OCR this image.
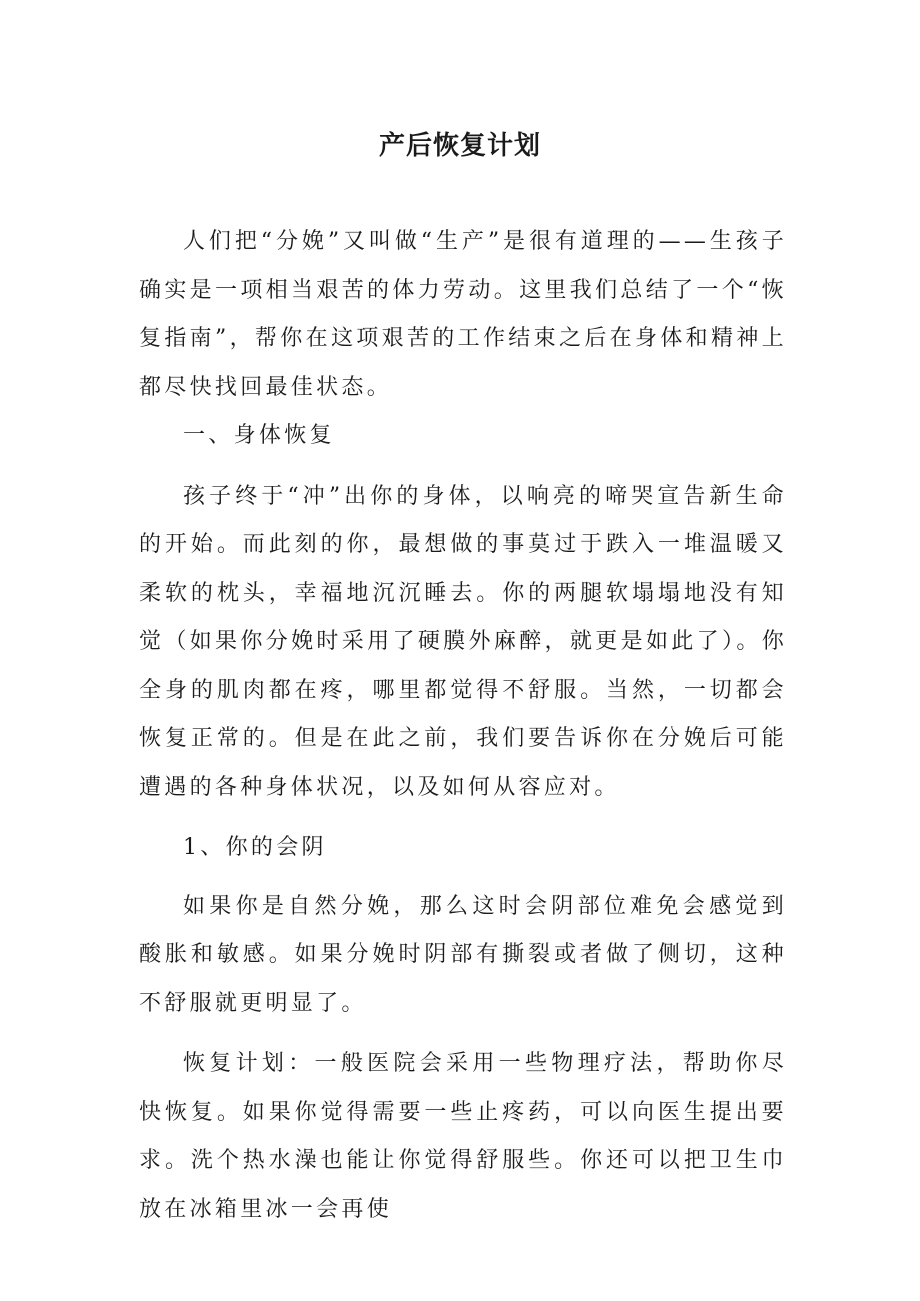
产后恢复计划

人们把“分娩”又叫做“生产”是很有道理的——生孩子确实是一项相当艰苦的体力劳动。这里我们总结了一个“恢复指南”，帮你在这项艰苦的工作结束之后在身体和精神上都尽快找回最佳状态。

一、身体恢复

孩子终于“冲”出你的身体，以响亮的啼哭宣告新生命的开始。而此刻的你，最想做的事莫过于跌入一堆温暖又柔软的枕头，幸福地沉沉睡去。你的两腿软塌塌地没有知觉（如果你分娩时采用了硬膜外麻醉，就更是如此了）。你全身的肌肉都在疼，哪里都觉得不舒服。当然，一切都会恢复正常的。但是在此之前，我们要告诉你在分娩后可能遭遇的各种身体状况，以及如何从容应对。

1、你的会阴

如果你是自然分娩，那么这时会阴部位难免会感觉到酸胀和敏感。如果分娩时阴部有撕裂或者做了侧切，这种不舒服就更明显了。

恢复计划：一般医院会采用一些物理疗法，帮助你尽快恢复。如果你觉得需要一些止疼药，可以向医生提出要求。洗个热水澡也能让你觉得舒服些。你还可以把卫生巾放在冰箱里冰一会再使
